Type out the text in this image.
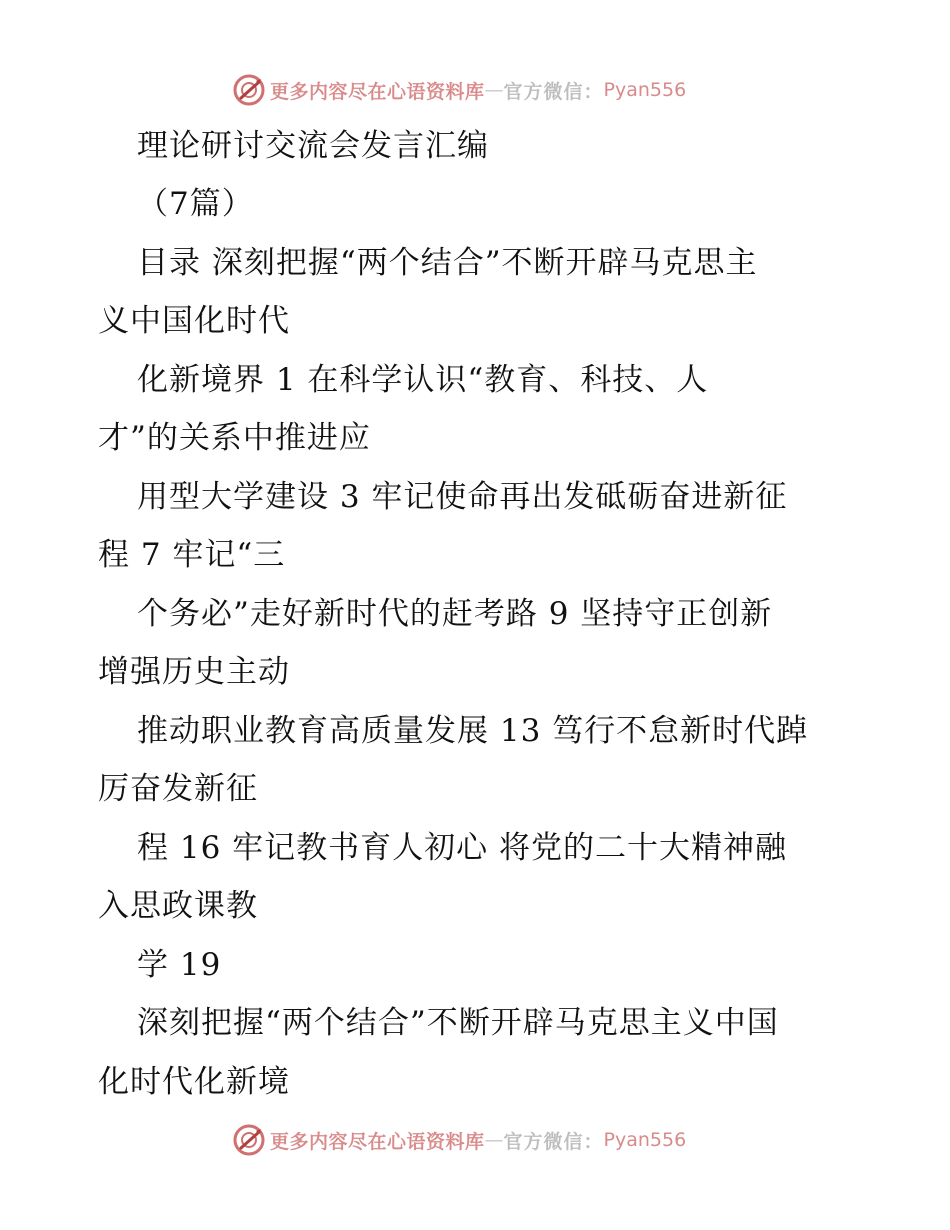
更多内容尽在心语资料库 — 官方微信： Pyan556

理论研讨交流会发言汇编

（7篇）

目录 深刻把握“两个结合”不断开辟马克思主

义中国化时代

化新境界 1 在科学认识“教育、科技、人

才”的关系中推进应

用型大学建设 3 牢记使命再出发砥砺奋进新征

程 7 牢记“三

个务必”走好新时代的赶考路 9 坚持守正创新

增强历史主动

推动职业教育高质量发展 13 笃行不怠新时代踔

厉奋发新征

程 16 牢记教书育人初心 将党的二十大精神融

入思政课教

学 19

深刻把握“两个结合”不断开辟马克思主义中国

化时代化新境

更多内容尽在心语资料库 — 官方微信： Pyan556
